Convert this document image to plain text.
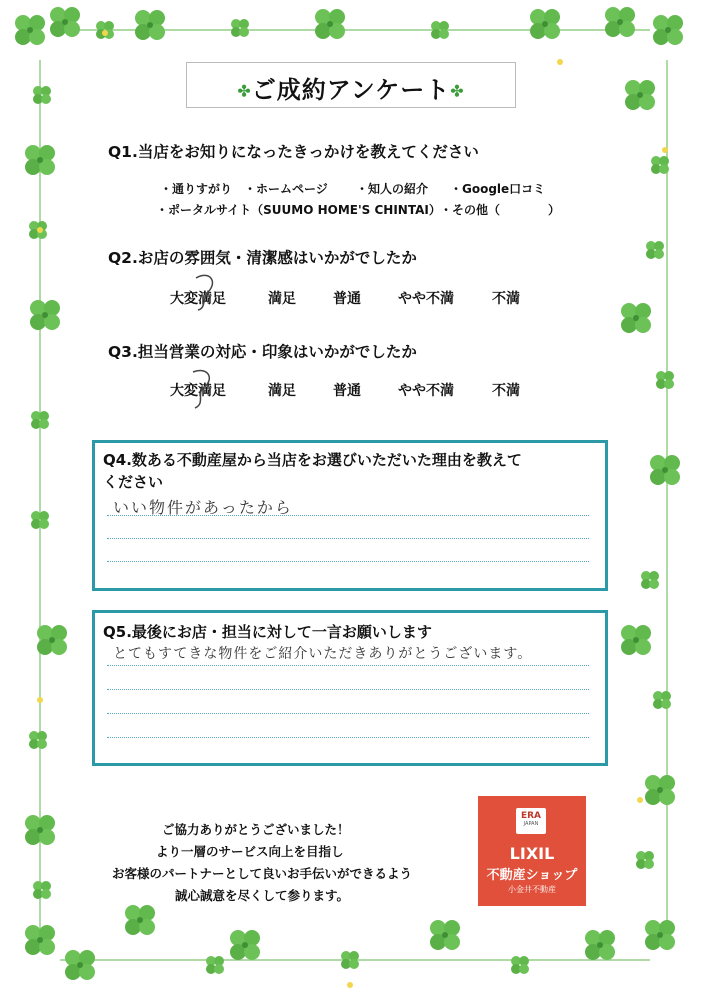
✤ご成約アンケート✤
Q1.当店をお知りになったきっかけを教えてください
・通りすがり ・ホームページ ・知人の紹介 ・Google口コミ
・ポータルサイト（SUUMO HOME'S CHINTAI） ・その他（　　　　）
Q2.お店の雰囲気・清潔感はいかがでしたか
大変満足	満足	普通	やや不満	不満
Q3.担当営業の対応・印象はいかがでしたか
大変満足	満足	普通	やや不満	不満
Q4.数ある不動産屋から当店をお選びいただいた理由を教えて
ください
いい物件があったから
Q5.最後にお店・担当に対して一言お願いします
とてもすてきな物件をご紹介いただきありがとうございます。
ご協力ありがとうございました！
より一層のサービス向上を目指し
お客様のパートナーとして良いお手伝いができるよう
誠心誠意を尽くして参ります。
ERA
JAPAN
LIXIL
不動産ショップ
小金井不動産
